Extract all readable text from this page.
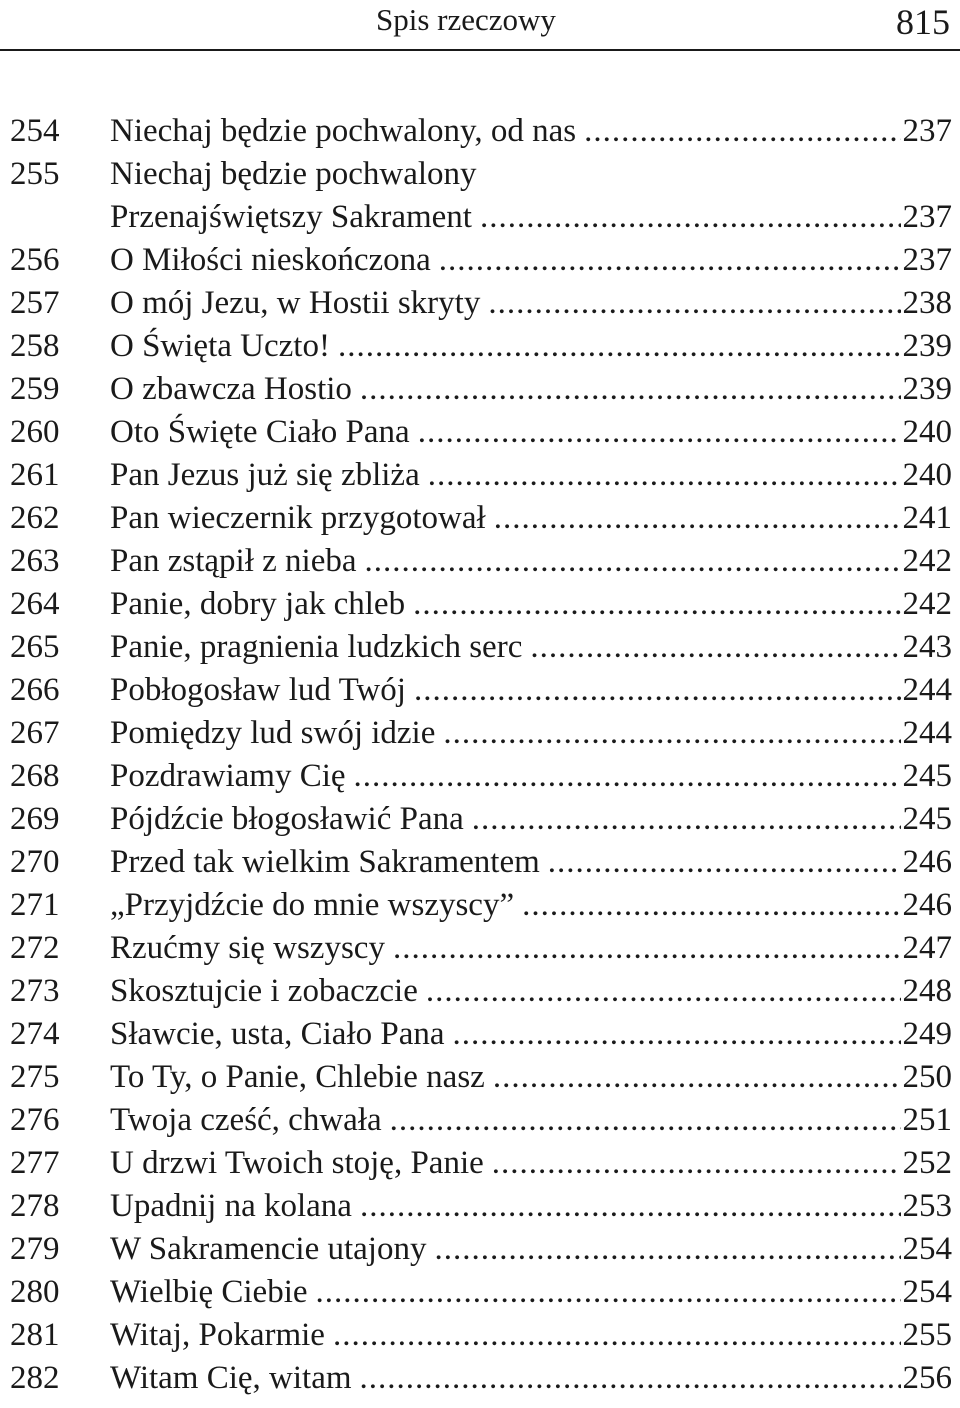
Spis rzeczowy	815
254	Niechaj będzie pochwalony, od nas .....	237
255	Niechaj będzie pochwalony
Przenajświętszy Sakrament .....	237
256	O Miłości nieskończona .....	237
257	O mój Jezu, w Hostii skryty .....	238
258	O Święta Uczto! .....	239
259	O zbawcza Hostio .....	239
260	Oto Święte Ciało Pana .....	240
261	Pan Jezus już się zbliża .....	240
262	Pan wieczernik przygotował .....	241
263	Pan zstąpił z nieba .....	242
264	Panie, dobry jak chleb .....	242
265	Panie, pragnienia ludzkich serc .....	243
266	Pobłogosław lud Twój .....	244
267	Pomiędzy lud swój idzie .....	244
268	Pozdrawiamy Cię .....	245
269	Pójdźcie błogosławić Pana .....	245
270	Przed tak wielkim Sakramentem .....	246
271	„Przyjdźcie do mnie wszyscy” .....	246
272	Rzućmy się wszyscy .....	247
273	Skosztujcie i zobaczcie .....	248
274	Sławcie, usta, Ciało Pana .....	249
275	To Ty, o Panie, Chlebie nasz .....	250
276	Twoja cześć, chwała .....	251
277	U drzwi Twoich stoję, Panie .....	252
278	Upadnij na kolana .....	253
279	W Sakramencie utajony .....	254
280	Wielbię Ciebie .....	254
281	Witaj, Pokarmie .....	255
282	Witam Cię, witam .....	256
